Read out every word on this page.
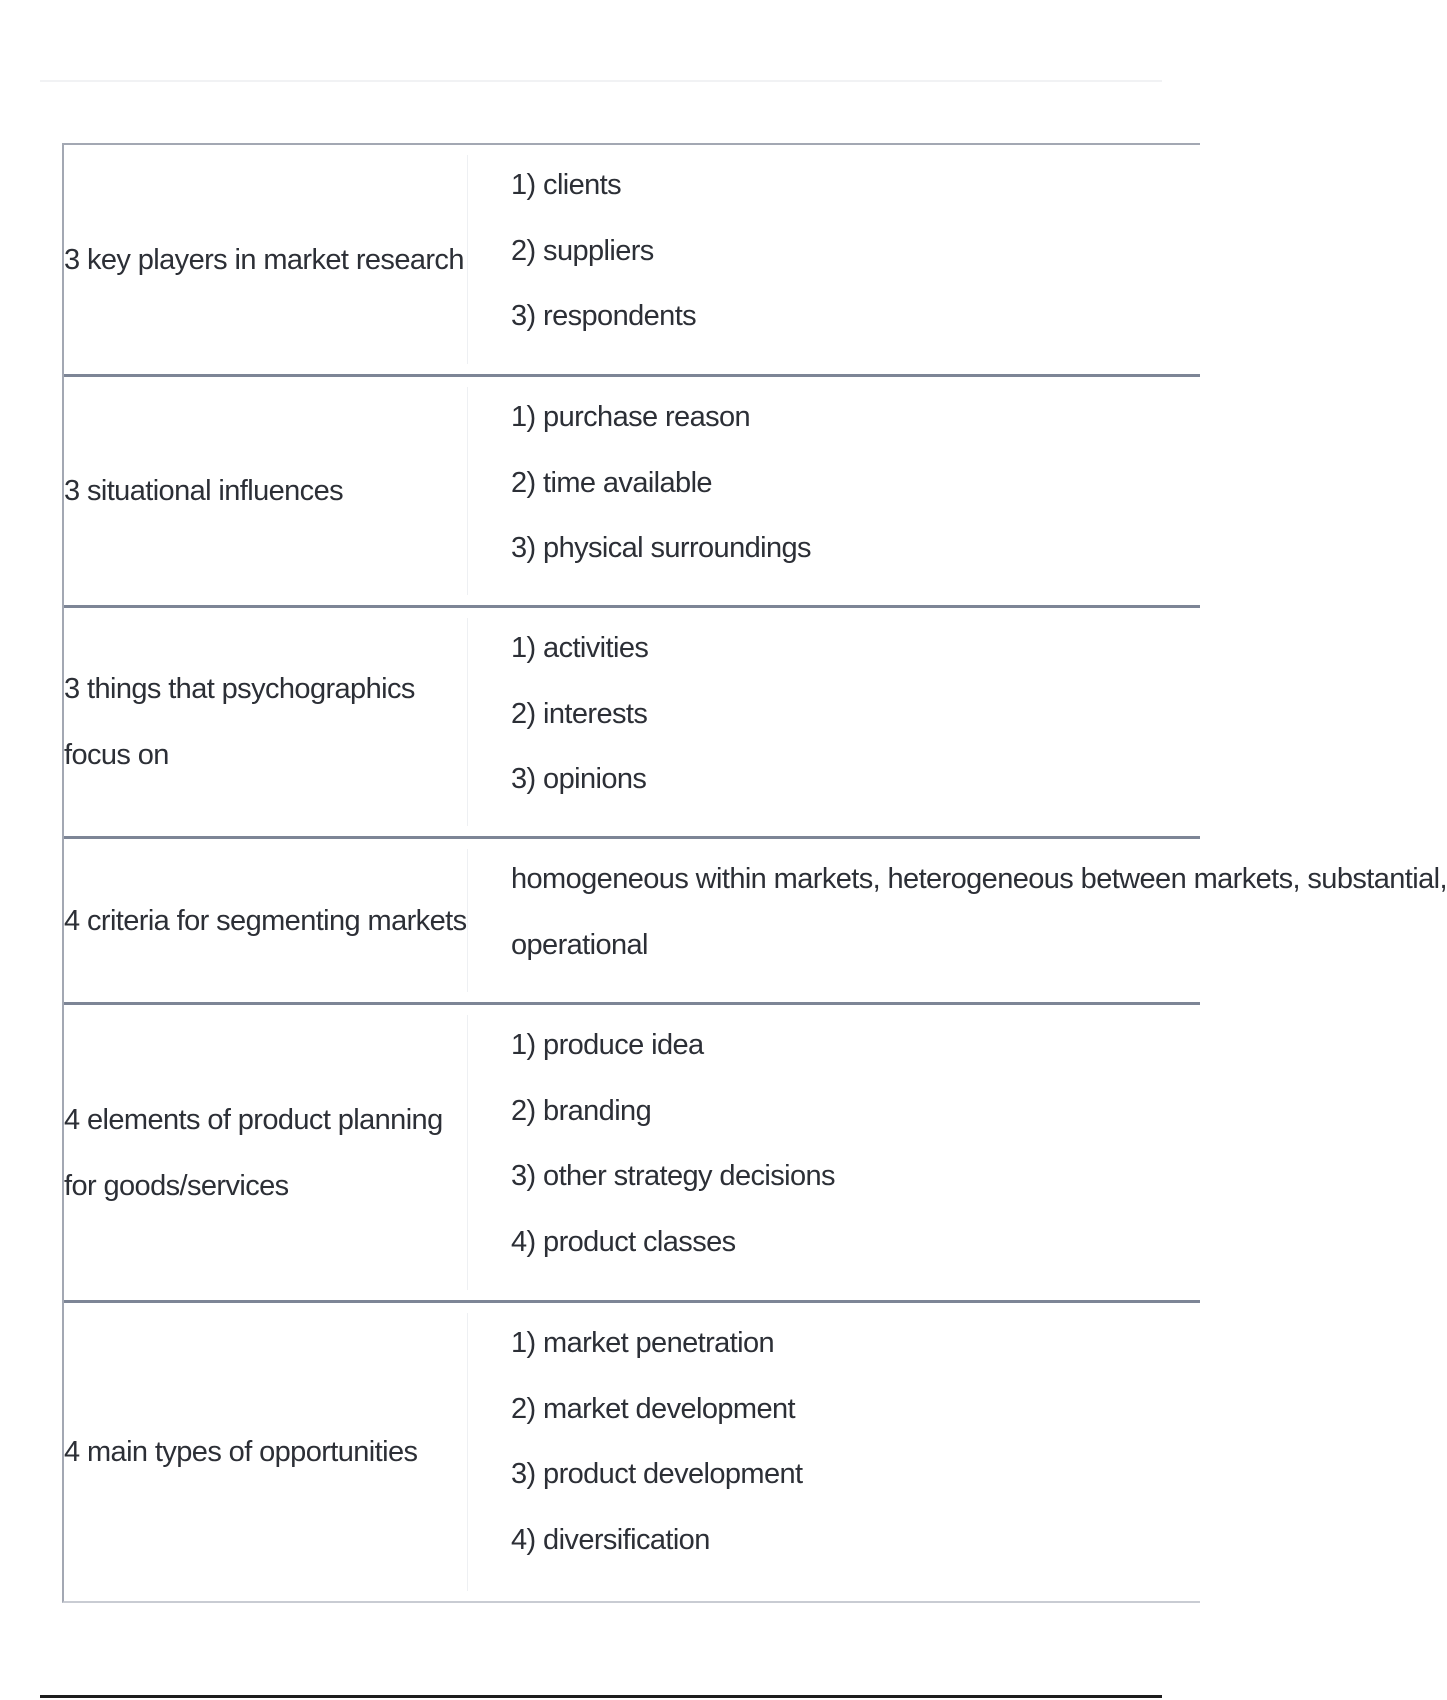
3 key players in market research
1) clients
2) suppliers
3) respondents
3 situational influences
1) purchase reason
2) time available
3) physical surroundings
3 things that psychographics focus on
1) activities
2) interests
3) opinions
4 criteria for segmenting markets
homogeneous within markets, heterogeneous between markets, substantial,
operational
4 elements of product planning for goods/services
1) produce idea
2) branding
3) other strategy decisions
4) product classes
4 main types of opportunities
1) market penetration
2) market development
3) product development
4) diversification
